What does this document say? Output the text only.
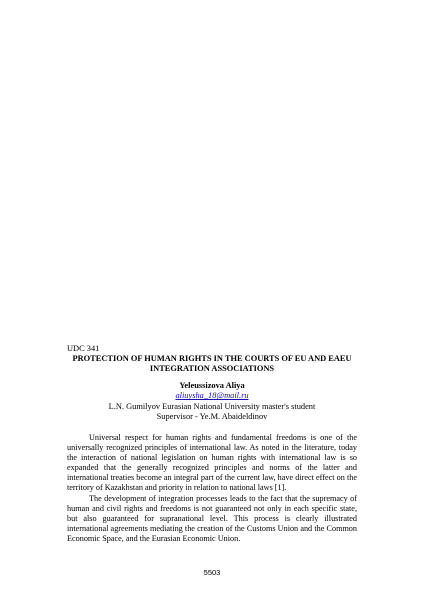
UDC 341
PROTECTION OF HUMAN RIGHTS IN THE COURTS OF EU AND EAEU
INTEGRATION ASSOCIATIONS
Yeleussizova Aliya
aliuysha_18@mail.ru
L.N. Gumilyov Eurasian National University master's student
Supervisor - Ye.M. Abaideldinov

Universal respect for human rights and fundamental freedoms is one of the universally recognized principles of international law. As noted in the literature, today the interaction of national legislation on human rights with international law is so expanded that the generally recognized principles and norms of the latter and international treaties become an integral part of the current law, have direct effect on the territory of Kazakhstan and priority in relation to national laws [1].

The development of integration processes leads to the fact that the supremacy of human and civil rights and freedoms is not guaranteed not only in each specific state, but also guaranteed for supranational level. This process is clearly illustrated international agreements mediating the creation of the Customs Union and the Common Economic Space, and the Eurasian Economic Union.

5503
